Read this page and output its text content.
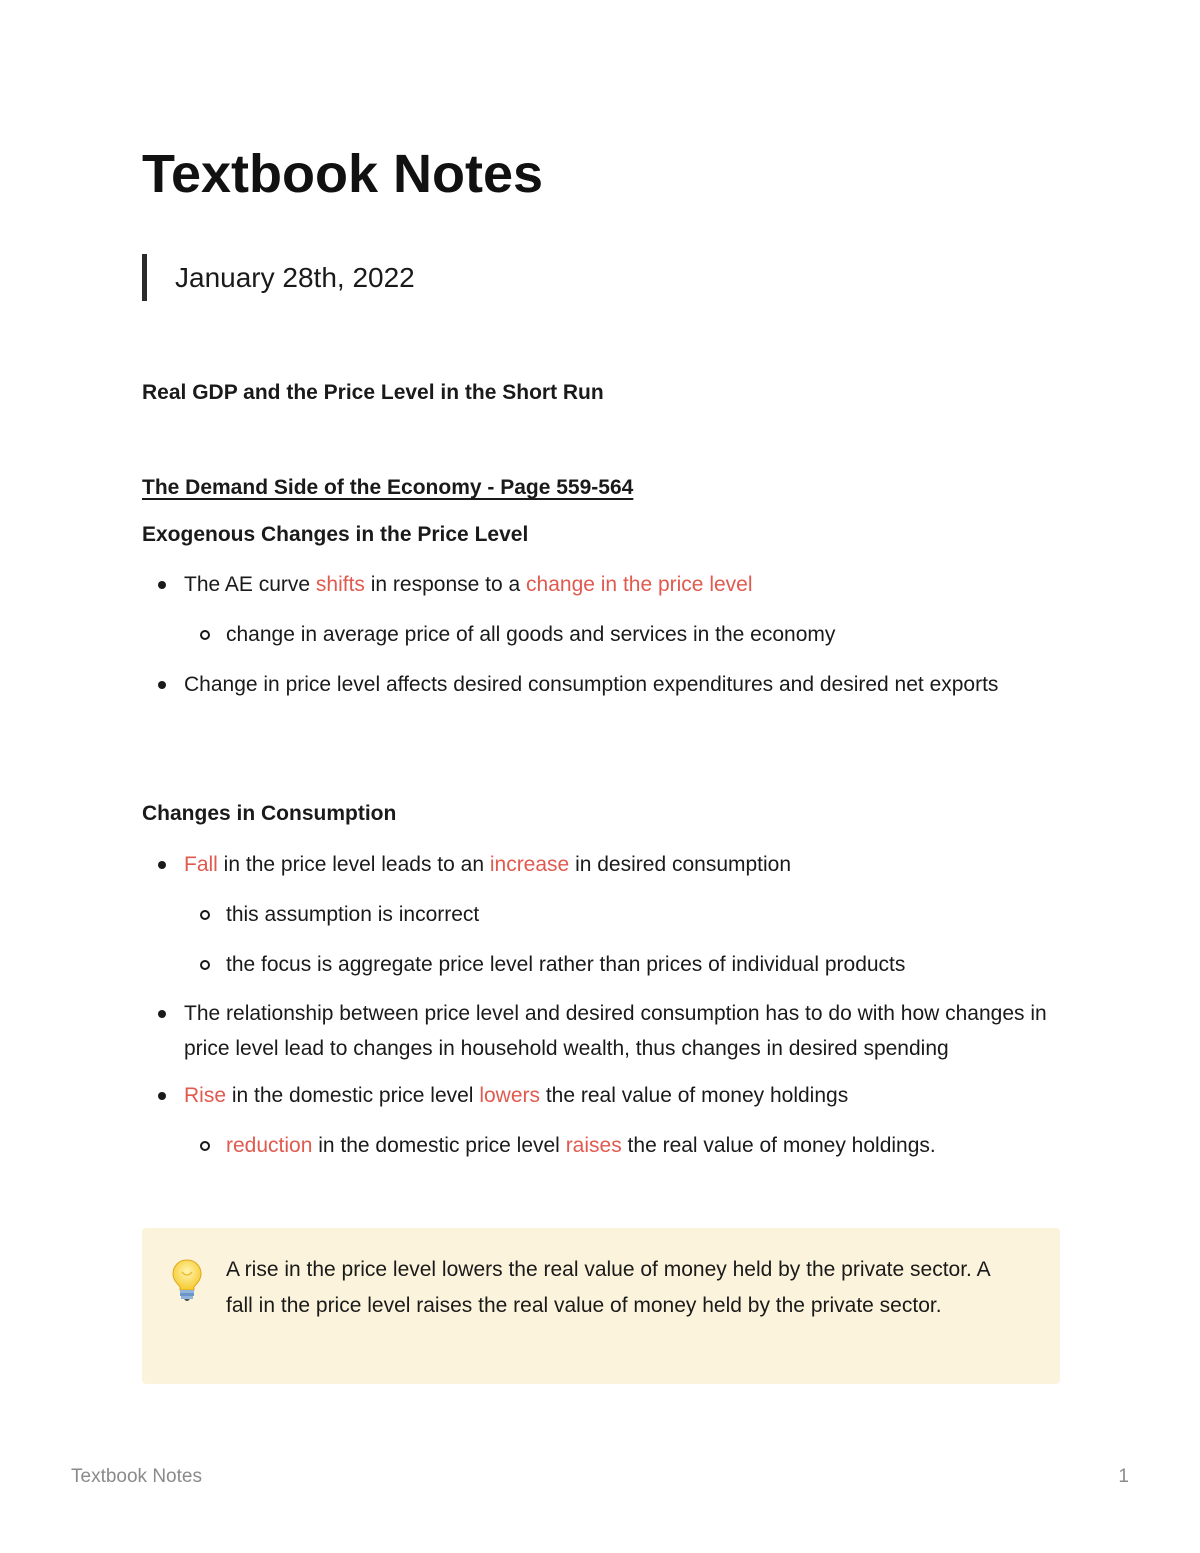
Textbook Notes
January 28th, 2022
Real GDP and the Price Level in the Short Run
The Demand Side of the Economy - Page 559-564
Exogenous Changes in the Price Level
The AE curve shifts in response to a change in the price level
change in average price of all goods and services in the economy
Change in price level affects desired consumption expenditures and desired net exports
Changes in Consumption
Fall in the price level leads to an increase in desired consumption
this assumption is incorrect
the focus is aggregate price level rather than prices of individual products
The relationship between price level and desired consumption has to do with how changes in price level lead to changes in household wealth, thus changes in desired spending
Rise in the domestic price level lowers the real value of money holdings
reduction in the domestic price level raises the real value of money holdings.
A rise in the price level lowers the real value of money held by the private sector. A fall in the price level raises the real value of money held by the private sector.
Textbook Notes	1
